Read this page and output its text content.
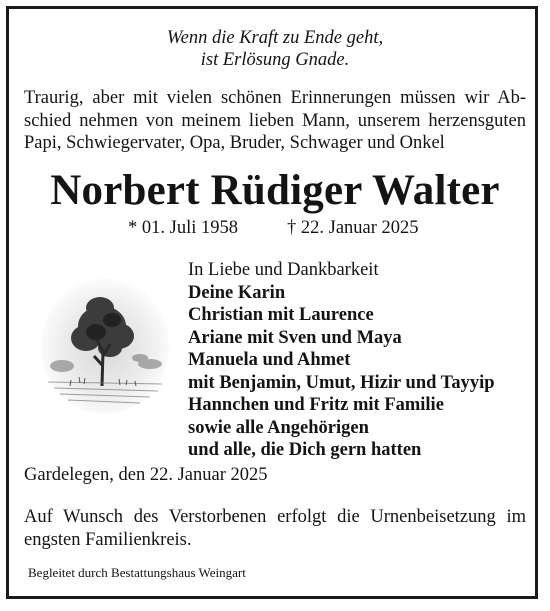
Wenn die Kraft zu Ende geht,
ist Erlösung Gnade.
Traurig, aber mit vielen schönen Erinnerungen müssen wir Ab-
schied nehmen von meinem lieben Mann, unserem herzensguten
Papi, Schwiegervater, Opa, Bruder, Schwager und Onkel
Norbert Rüdiger Walter
* 01. Juli 1958	† 22. Januar 2025
In Liebe und Dankbarkeit
Deine Karin
Christian mit Laurence
Ariane mit Sven und Maya
Manuela und Ahmet
mit Benjamin, Umut, Hizir und Tayyip
Hannchen und Fritz mit Familie
sowie alle Angehörigen
und alle, die Dich gern hatten
Gardelegen, den 22. Januar 2025
Auf Wunsch des Verstorbenen erfolgt die Urnenbeisetzung im
engsten Familienkreis.
Begleitet durch Bestattungshaus Weingart
